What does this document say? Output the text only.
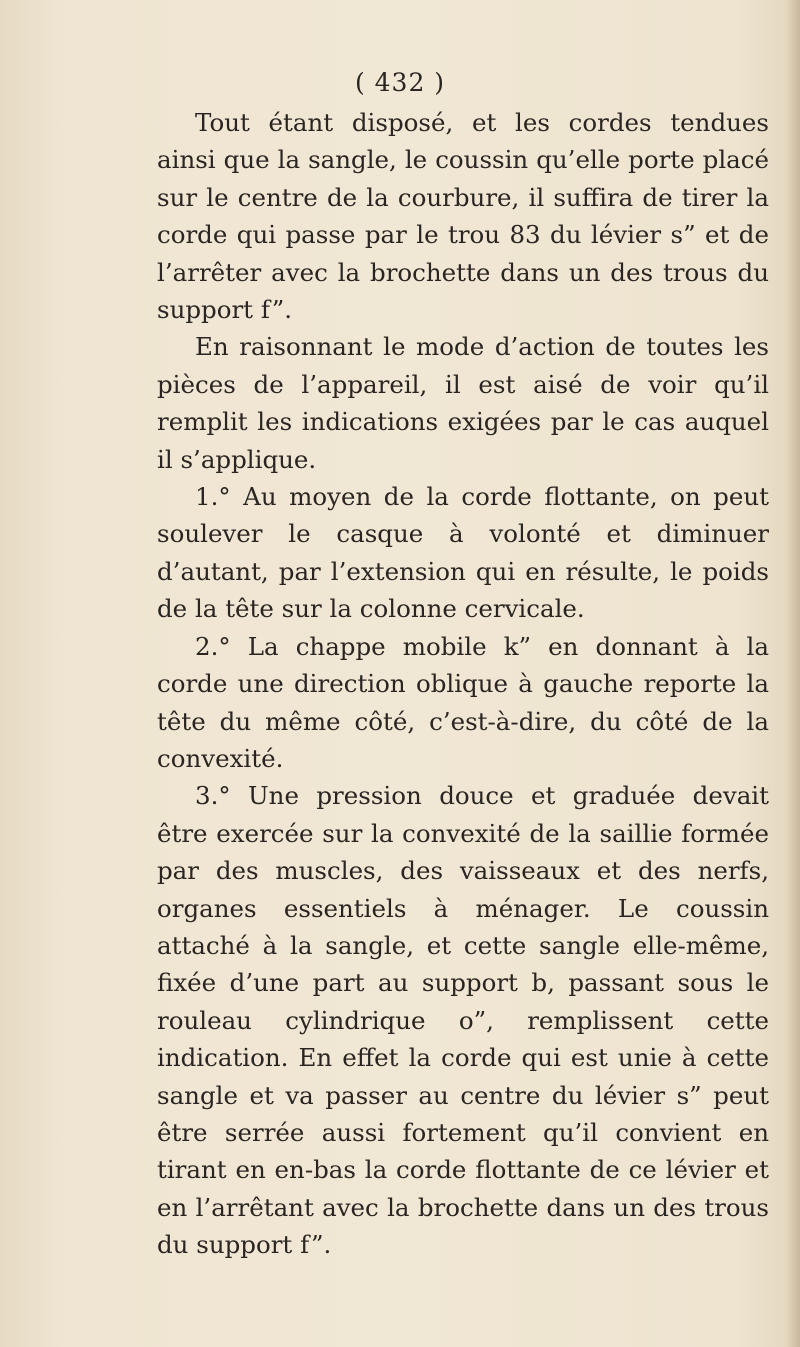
( 432 )

Tout étant disposé, et les cordes tendues ainsi que la sangle, le coussin qu’elle porte placé sur le centre de la courbure, il suffira de tirer la corde qui passe par le trou 83 du lévier s” et de l’arrêter avec la brochette dans un des trous du support f”.

En raisonnant le mode d’action de toutes les pièces de l’appareil, il est aisé de voir qu’il remplit les indications exigées par le cas auquel il s’applique.

1.° Au moyen de la corde flottante, on peut soulever le casque à volonté et diminuer d’autant, par l’extension qui en résulte, le poids de la tête sur la colonne cervicale.

2.° La chappe mobile k” en donnant à la corde une direction oblique à gauche reporte la tête du même côté, c’est-à-dire, du côté de la convexité.

3.° Une pression douce et graduée devait être exercée sur la convexité de la saillie formée par des muscles, des vaisseaux et des nerfs, organes essentiels à ménager. Le coussin attaché à la sangle, et cette sangle elle-même, fixée d’une part au support b, passant sous le rouleau cylindrique o”, remplissent cette indication. En effet la corde qui est unie à cette sangle et va passer au centre du lévier s” peut être serrée aussi fortement qu’il convient en tirant en en-bas la corde flottante de ce lévier et en l’arrêtant avec la brochette dans un des trous du support f”.
